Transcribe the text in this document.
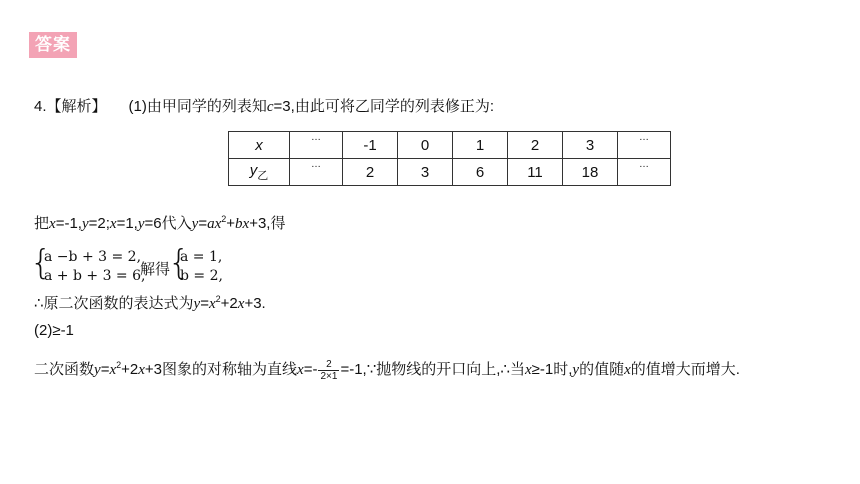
答案
4.【解析】 (1)由甲同学的列表知c=3,由此可将乙同学的列表修正为:
x	…	-1	0	1	2	3	…
$y_乙$	…	2	3	6	11	18	…
把x=-1,y=2;x=1,y=6代入$y=ax^2+bx+3$,得
{
a −b + 3 = 2,
a + b + 3 = 6,
解得
{
a = 1,
b = 2,
∴原二次函数的表达式为$y=x^2+2x+3$.
(2)≥-1
二次函数$y=x^2+2x+3$图象的对称轴为直线$x=- \frac{2}{2\times 1}$ =-1,∵抛物线的开口向上,∴当x≥-1时,y的值随x的值增大而增大.
